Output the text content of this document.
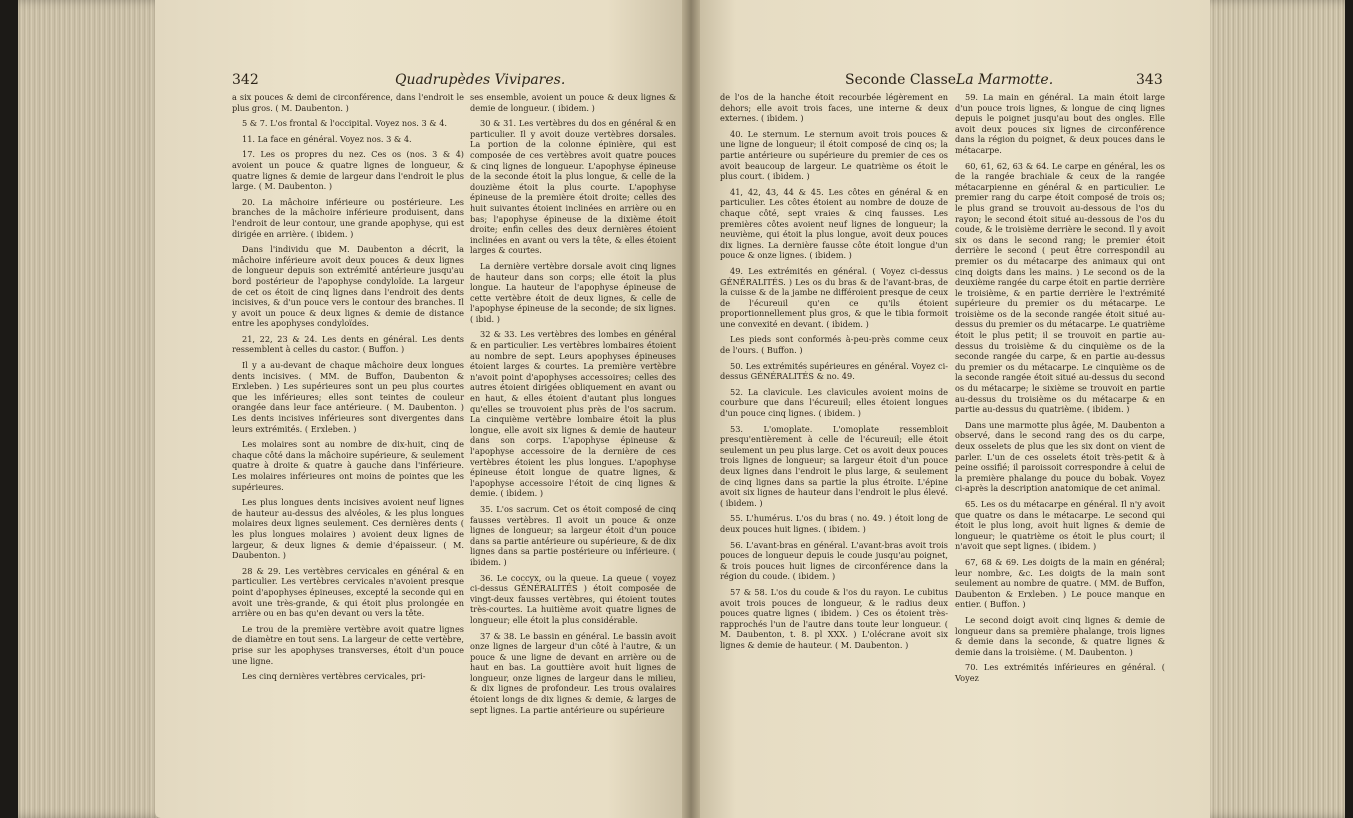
342	Quadrupèdes Vivipares.	Seconde Classe.
La Marmotte.	343

a six pouces & demi de circonférence, dans l'endroit le plus gros. ( M. Daubenton. )

5 & 7. L'os frontal & l'occipital. Voyez nos. 3 & 4.

11. La face en général. Voyez nos. 3 & 4.

17. Les os propres du nez. Ces os (nos. 3 & 4) avoient un pouce & quatre lignes de longueur, & quatre lignes & demie de largeur dans l'endroit le plus large. ( M. Daubenton. )

20. La mâchoire inférieure ou postérieure. Les branches de la mâchoire inférieure produisent, dans l'endroit de leur contour, une grande apophyse, qui est dirigée en arrière. ( ibidem. )

Dans l'individu que M. Daubenton a décrit, la mâchoire inférieure avoit deux pouces & deux lignes de longueur depuis son extrémité antérieure jusqu'au bord postérieur de l'apophyse condyloïde. La largeur de cet os étoit de cinq lignes dans l'endroit des dents incisives, & d'un pouce vers le contour des branches. Il y avoit un pouce & deux lignes & demie de distance entre les apophyses condyloïdes.

21, 22, 23 & 24. Les dents en général. Les dents ressemblent à celles du castor. ( Buffon. )

Il y a au-devant de chaque mâchoire deux longues dents incisives. ( MM. de Buffon, Daubenton & Erxleben. ) Les supérieures sont un peu plus courtes que les inférieures; elles sont teintes de couleur orangée dans leur face antérieure. ( M. Daubenton. ) Les dents incisives inférieures sont divergentes dans leurs extrémités. ( Erxleben. )

Les molaires sont au nombre de dix-huit, cinq de chaque côté dans la mâchoire supérieure, & seulement quatre à droite & quatre à gauche dans l'inférieure. Les molaires inférieures ont moins de pointes que les supérieures.

Les plus longues dents incisives avoient neuf lignes de hauteur au-dessus des alvéoles, & les plus longues molaires deux lignes seulement. Ces dernières dents ( les plus longues molaires ) avoient deux lignes de largeur, & deux lignes & demie d'épaisseur. ( M. Daubenton. )

28 & 29. Les vertèbres cervicales en général & en particulier. Les vertèbres cervicales n'avoient presque point d'apophyses épineuses, excepté la seconde qui en avoit une très-grande, & qui étoit plus prolongée en arrière ou en bas qu'en devant ou vers la tête.

Le trou de la première vertèbre avoit quatre lignes de diamètre en tout sens. La largeur de cette vertèbre, prise sur les apophyses transverses, étoit d'un pouce une ligne.

Les cinq dernières vertèbres cervicales, pri-

ses ensemble, avoient un pouce & deux lignes & demie de longueur. ( ibidem. )

30 & 31. Les vertèbres du dos en général & en particulier. Il y avoit douze vertèbres dorsales. La portion de la colonne épinière, qui est composée de ces vertèbres avoit quatre pouces & cinq lignes de longueur. L'apophyse épineuse de la seconde étoit la plus longue, & celle de la douzième étoit la plus courte. L'apophyse épineuse de la première étoit droite; celles des huit suivantes étoient inclinées en arrière ou en bas; l'apophyse épineuse de la dixième étoit droite; enfin celles des deux dernières étoient inclinées en avant ou vers la tête, & elles étoient larges & courtes.

La dernière vertèbre dorsale avoit cinq lignes de hauteur dans son corps; elle étoit la plus longue. La hauteur de l'apophyse épineuse de cette vertèbre étoit de deux lignes, & celle de l'apophyse épineuse de la seconde; de six lignes. ( ibid. )

32 & 33. Les vertèbres des lombes en général & en particulier. Les vertèbres lombaires étoient au nombre de sept. Leurs apophyses épineuses étoient larges & courtes. La première vertèbre n'avoit point d'apophyses accessoires; celles des autres étoient dirigées obliquement en avant ou en haut, & elles étoient d'autant plus longues qu'elles se trouvoient plus près de l'os sacrum. La cinquième vertèbre lombaire étoit la plus longue, elle avoit six lignes & demie de hauteur dans son corps. L'apophyse épineuse & l'apophyse accessoire de la dernière de ces vertèbres étoient les plus longues. L'apophyse épineuse étoit longue de quatre lignes, & l'apophyse accessoire l'étoit de cinq lignes & demie. ( ibidem. )

35. L'os sacrum. Cet os étoit composé de cinq fausses vertèbres. Il avoit un pouce & onze lignes de longueur; sa largeur étoit d'un pouce dans sa partie antérieure ou supérieure, & de dix lignes dans sa partie postérieure ou inférieure. ( ibidem. )

36. Le coccyx, ou la queue. La queue ( voyez ci-dessus GÉNÉRALITÉS ) étoit composée de vingt-deux fausses vertèbres, qui étoient toutes très-courtes. La huitième avoit quatre lignes de longueur; elle étoit la plus considérable.

37 & 38. Le bassin en général. Le bassin avoit onze lignes de largeur d'un côté à l'autre, & un pouce & une ligne de devant en arrière ou de haut en bas. La gouttière avoit huit lignes de longueur, onze lignes de largeur dans le milieu, & dix lignes de profondeur. Les trous ovalaires étoient longs de dix lignes & demie, & larges de sept lignes. La partie antérieure ou supérieure

de l'os de la hanche étoit recourbée légèrement en dehors; elle avoit trois faces, une interne & deux externes. ( ibidem. )

40. Le sternum. Le sternum avoit trois pouces & une ligne de longueur; il étoit composé de cinq os; la partie antérieure ou supérieure du premier de ces os avoit beaucoup de largeur. Le quatrième os étoit le plus court. ( ibidem. )

41, 42, 43, 44 & 45. Les côtes en général & en particulier. Les côtes étoient au nombre de douze de chaque côté, sept vraies & cinq fausses. Les premières côtes avoient neuf lignes de longueur; la neuvième, qui étoit la plus longue, avoit deux pouces dix lignes. La dernière fausse côte étoit longue d'un pouce & onze lignes. ( ibidem. )

49. Les extrémités en général. ( Voyez ci-dessus GÉNÉRALITÉS. ) Les os du bras & de l'avant-bras, de la cuisse & de la jambe ne différoient presque de ceux de l'écureuil qu'en ce qu'ils étoient proportionnellement plus gros, & que le tibia formoit une convexité en devant. ( ibidem. )

Les pieds sont conformés à-peu-près comme ceux de l'ours. ( Buffon. )

50. Les extrémités supérieures en général. Voyez ci-dessus GÉNÉRALITÉS & no. 49.

52. La clavicule. Les clavicules avoient moins de courbure que dans l'écureuil; elles étoient longues d'un pouce cinq lignes. ( ibidem. )

53. L'omoplate. L'omoplate ressembloit presqu'entièrement à celle de l'écureuil; elle étoit seulement un peu plus large. Cet os avoit deux pouces trois lignes de longueur; sa largeur étoit d'un pouce deux lignes dans l'endroit le plus large, & seulement de cinq lignes dans sa partie la plus étroite. L'épine avoit six lignes de hauteur dans l'endroit le plus élevé. ( ibidem. )

55. L'humérus. L'os du bras ( no. 49. ) étoit long de deux pouces huit lignes. ( ibidem. )

56. L'avant-bras en général. L'avant-bras avoit trois pouces de longueur depuis le coude jusqu'au poignet, & trois pouces huit lignes de circonférence dans la région du coude. ( ibidem. )

57 & 58. L'os du coude & l'os du rayon. Le cubitus avoit trois pouces de longueur, & le radius deux pouces quatre lignes ( ibidem. ) Ces os étoient très-rapprochés l'un de l'autre dans toute leur longueur. ( M. Daubenton, t. 8. pl XXX. ) L'olécrane avoit six lignes & demie de hauteur. ( M. Daubenton. )

59. La main en général. La main étoit large d'un pouce trois lignes, & longue de cinq lignes depuis le poignet jusqu'au bout des ongles. Elle avoit deux pouces six lignes de circonférence dans la région du poignet, & deux pouces dans le métacarpe.

60, 61, 62, 63 & 64. Le carpe en général, les os de la rangée brachiale & ceux de la rangée métacarpienne en général & en particulier. Le premier rang du carpe étoit composé de trois os; le plus grand se trouvoit au-dessous de l'os du rayon; le second étoit situé au-dessous de l'os du coude, & le troisième derrière le second. Il y avoit six os dans le second rang; le premier étoit derrière le second ( peut être correspondil au premier os du métacarpe des animaux qui ont cinq doigts dans les mains. ) Le second os de la deuxième rangée du carpe étoit en partie derrière le troisième, & en partie derrière le l'extrémité supérieure du premier os du métacarpe. Le troisième os de la seconde rangée étoit situé au-dessus du premier os du métacarpe. Le quatrième étoit le plus petit; il se trouvoit en partie au-dessus du troisième & du cinquième os de la seconde rangée du carpe, & en partie au-dessus du premier os du métacarpe. Le cinquième os de la seconde rangée étoit situé au-dessus du second os du métacarpe; le sixième se trouvoit en partie au-dessus du troisième os du métacarpe & en partie au-dessus du quatrième. ( ibidem. )

Dans une marmotte plus âgée, M. Daubenton a observé, dans le second rang des os du carpe, deux osselets de plus que les six dont on vient de parler. L'un de ces osselets étoit très-petit & à peine ossifié; il paroissoit correspondre à celui de la première phalange du pouce du bobak. Voyez ci-après la description anatomique de cet animal.

65. Les os du métacarpe en général. Il n'y avoit que quatre os dans le métacarpe. Le second qui étoit le plus long, avoit huit lignes & demie de longueur; le quatrième os étoit le plus court; il n'avoit que sept lignes. ( ibidem. )

67, 68 & 69. Les doigts de la main en général; leur nombre, &c. Les doigts de la main sont seulement au nombre de quatre. ( MM. de Buffon, Daubenton & Erxleben. ) Le pouce manque en entier. ( Buffon. )

Le second doigt avoit cinq lignes & demie de longueur dans sa première phalange, trois lignes & demie dans la seconde, & quatre lignes & demie dans la troisième. ( M. Daubenton. )

70. Les extrémités inférieures en général. ( Voyez
